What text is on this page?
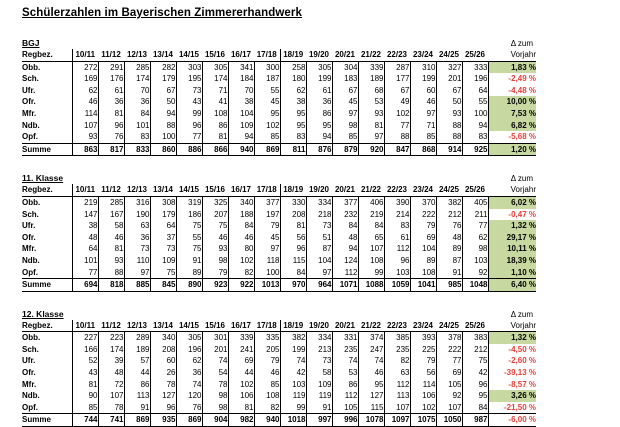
Schülerzahlen im Bayerischen Zimmererhandwerk
BGJ	Δ zum
Regbez.	10/11	11/12	12/13	13/14	14/15	15/16	16/17	17/18	18/19	19/20	20/21	21/22	22/23	23/24	24/25	25/26	Vorjahr
Obb.	272	291	285	282	303	305	341	300	258	305	304	339	287	310	327	333	1,83 %
Sch.	169	176	174	179	195	174	184	187	180	199	183	189	177	199	201	196	-2,49 %
Ufr.	62	61	70	67	73	71	70	55	62	61	67	68	67	60	67	64	-4,48 %
Ofr.	46	36	36	50	43	41	38	45	38	36	45	53	49	46	50	55	10,00 %
Mfr.	114	81	84	94	99	108	104	95	95	86	97	93	102	97	93	100	7,53 %
Ndb.	107	96	101	88	96	86	109	102	95	95	98	81	77	71	88	94	6,82 %
Opf.	93	76	83	100	77	81	94	85	83	94	85	97	88	85	88	83	-5,68 %
Summe	863	817	833	860	886	866	940	869	811	876	879	920	847	868	914	925	1,20 %
11. Klasse	Δ zum
Regbez.	10/11	11/12	12/13	13/14	14/15	15/16	16/17	17/18	18/19	19/20	20/21	21/22	22/23	23/24	24/25	25/26	Vorjahr
Obb.	219	285	316	308	319	325	340	377	330	334	377	406	390	370	382	405	6,02 %
Sch.	147	167	190	179	186	207	188	197	208	218	232	219	214	222	212	211	-0,47 %
Ufr.	38	58	63	64	75	75	84	79	81	73	84	84	83	79	76	77	1,32 %
Ofr.	48	46	36	37	55	46	46	45	56	51	48	65	61	69	48	62	29,17 %
Mfr.	64	81	73	73	75	93	80	97	96	87	94	107	112	104	89	98	10,11 %
Ndb.	101	93	110	109	91	98	102	118	115	104	124	108	96	89	87	103	18,39 %
Opf.	77	88	97	75	89	79	82	100	84	97	112	99	103	108	91	92	1,10 %
Summe	694	818	885	845	890	923	922	1013	970	964	1071	1088	1059	1041	985	1048	6,40 %
12. Klasse	Δ zum
Regbez.	10/11	11/12	12/13	13/14	14/15	15/16	16/17	17/18	18/19	19/20	20/21	21/22	22/23	23/24	24/25	25/26	Vorjahr
Obb.	227	223	289	340	305	301	339	335	382	334	331	374	385	393	378	383	1,32 %
Sch.	166	174	189	208	196	201	241	205	199	213	235	247	235	225	222	212	-4,50 %
Ufr.	52	39	57	60	62	74	69	79	74	73	74	74	82	79	77	75	-2,60 %
Ofr.	43	48	44	26	36	54	44	46	42	58	53	46	63	56	69	42	-39,13 %
Mfr.	81	72	86	78	74	78	102	85	103	109	86	95	112	114	105	96	-8,57 %
Ndb.	90	107	113	127	120	98	106	108	119	119	112	127	113	106	92	95	3,26 %
Opf.	85	78	91	96	76	98	81	82	99	91	105	115	107	102	107	84	-21,50 %
Summe	744	741	869	935	869	904	982	940	1018	997	996	1078	1097	1075	1050	987	-6,00 %
